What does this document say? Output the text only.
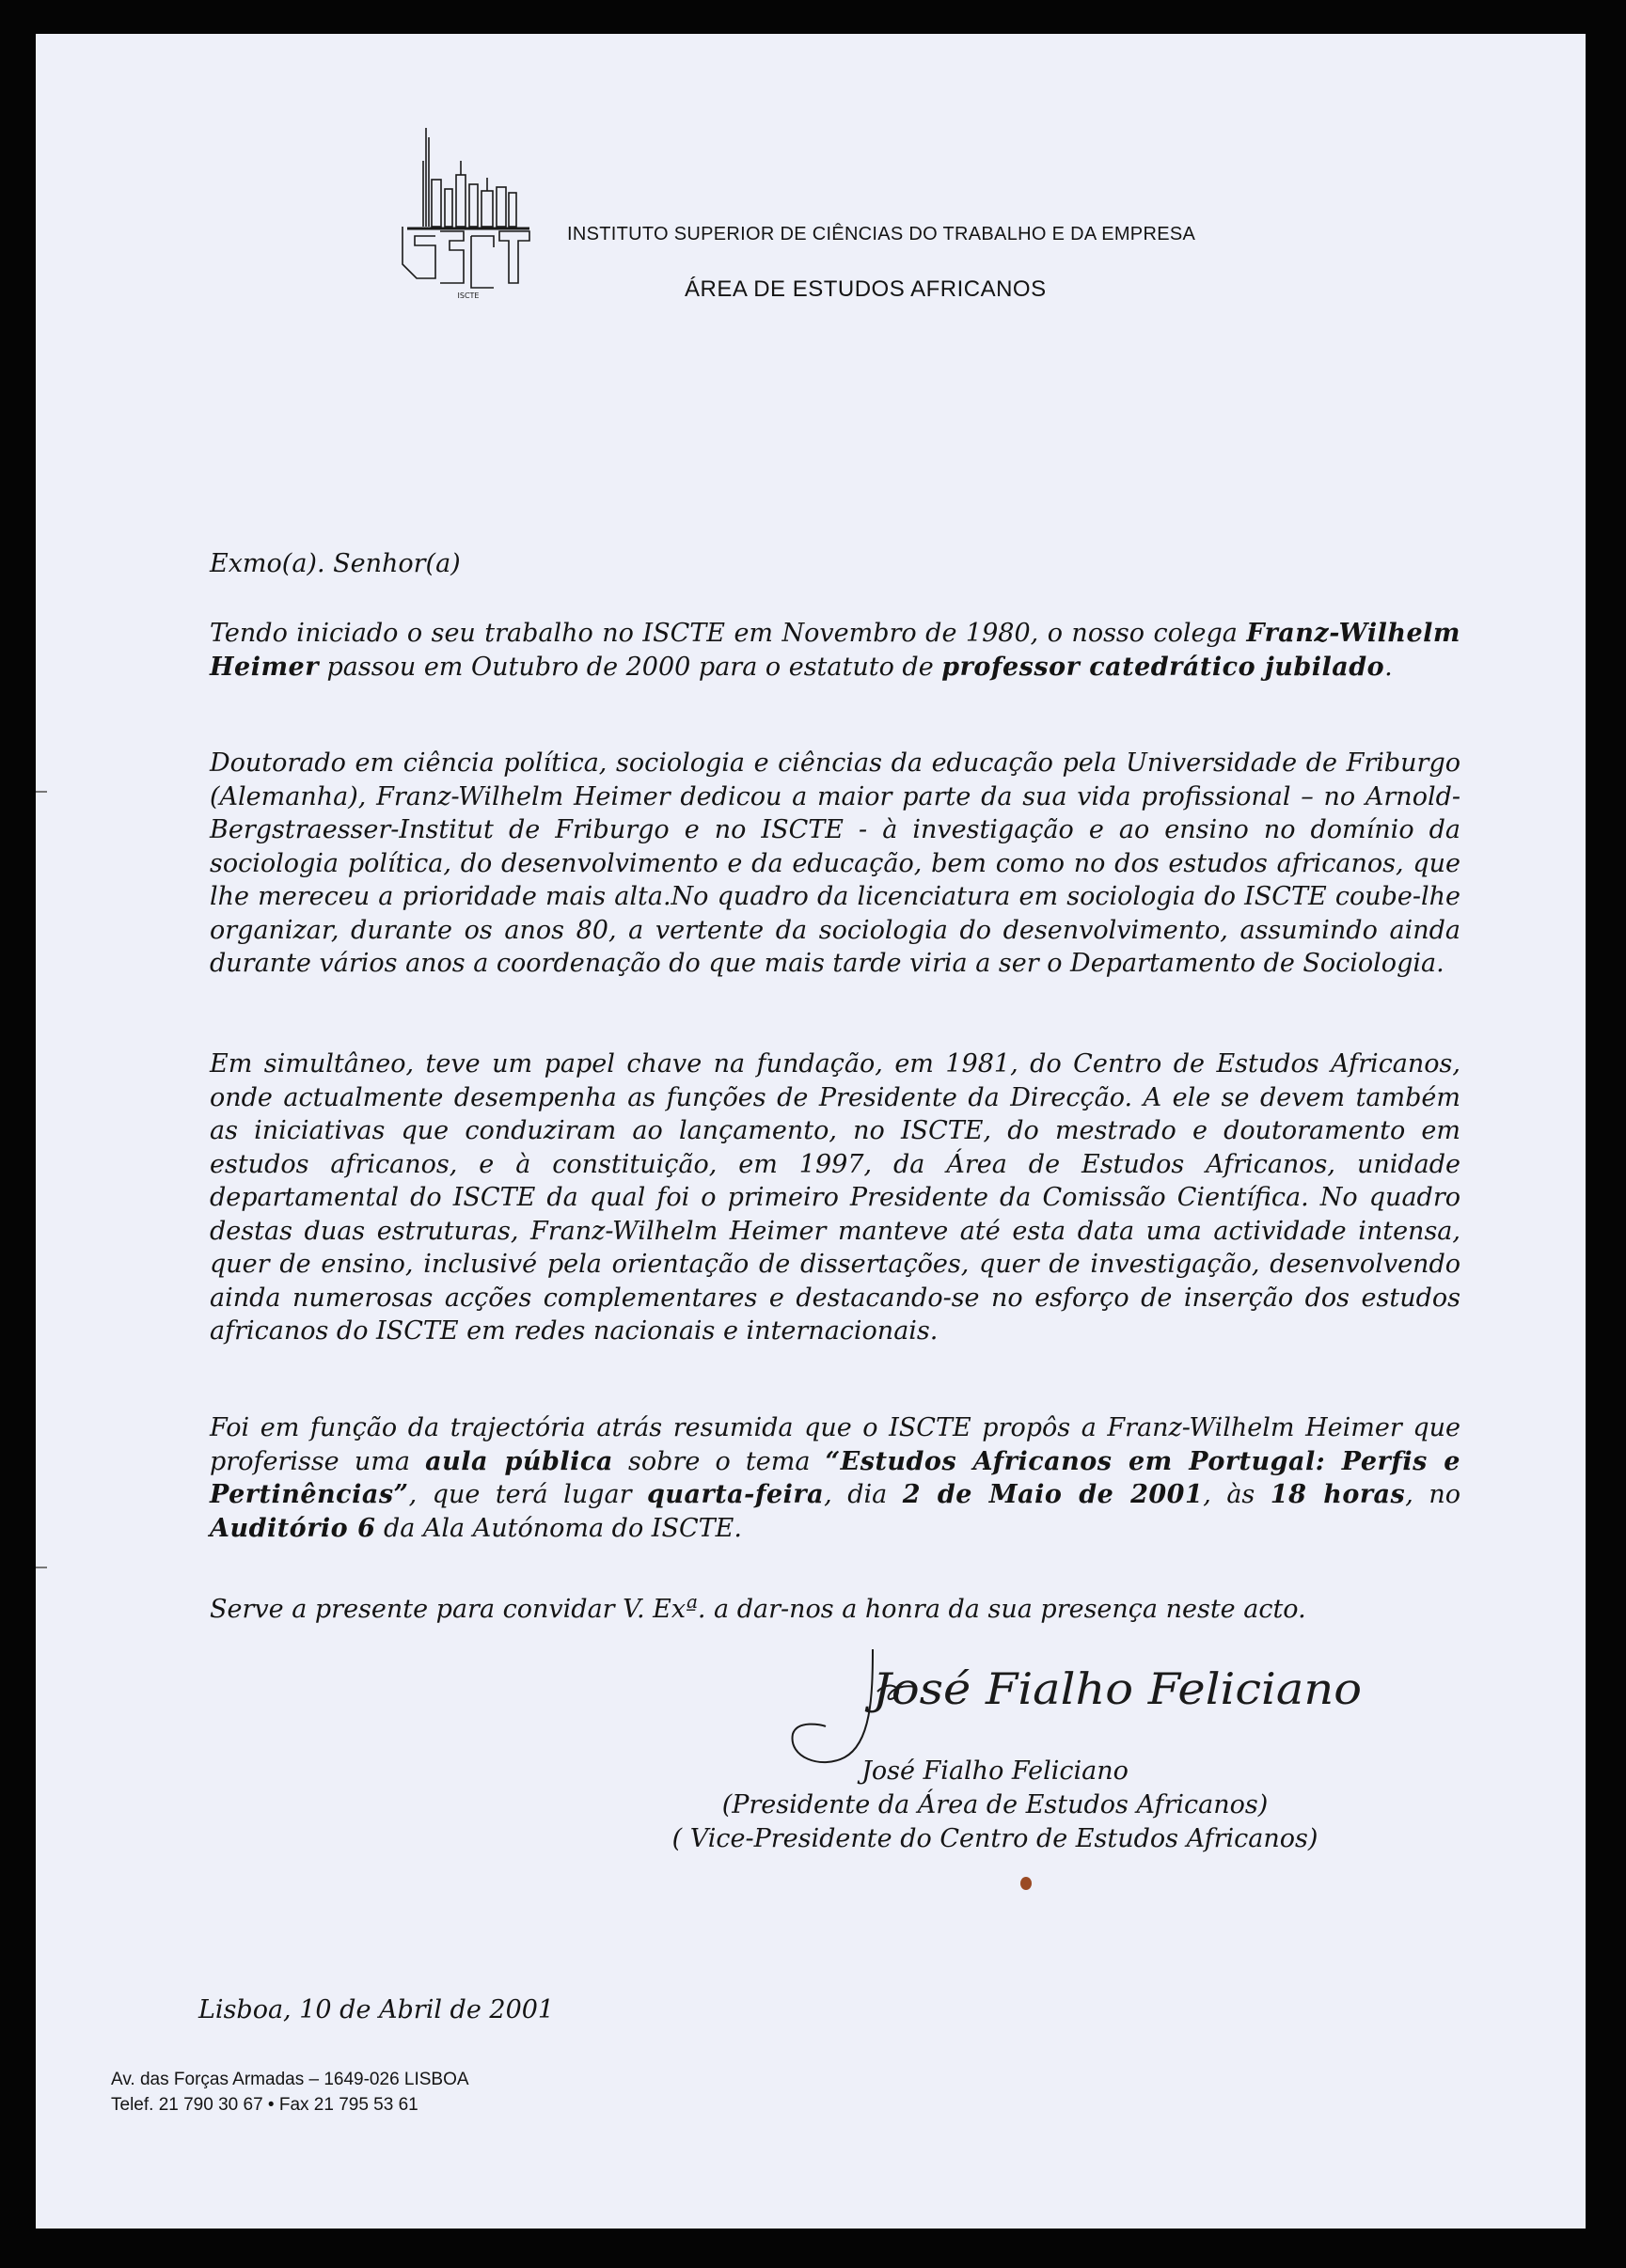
ISCTE
INSTITUTO SUPERIOR DE CIÊNCIAS DO TRABALHO E DA EMPRESA
ÁREA DE ESTUDOS AFRICANOS
Exmo(a). Senhor(a)
Tendo iniciado o seu trabalho no ISCTE em Novembro de 1980, o nosso colega Franz-Wilhelm Heimer passou em Outubro de 2000 para o estatuto de professor catedrático jubilado.
Doutorado em ciência política, sociologia e ciências da educação pela Universidade de Friburgo (Alemanha), Franz-Wilhelm Heimer dedicou a maior parte da sua vida profissional – no Arnold-Bergstraesser-Institut de Friburgo e no ISCTE - à investigação e ao ensino no domínio da sociologia política, do desenvolvimento e da educação, bem como no dos estudos africanos, que lhe mereceu a prioridade mais alta.No quadro da licenciatura em sociologia do ISCTE coube-lhe organizar, durante os anos 80, a vertente da sociologia do desenvolvimento, assumindo ainda durante vários anos a coordenação do que mais tarde viria a ser o Departamento de Sociologia.
Em simultâneo, teve um papel chave na fundação, em 1981, do Centro de Estudos Africanos, onde actualmente desempenha as funções de Presidente da Direcção. A ele se devem também as iniciativas que conduziram ao lançamento, no ISCTE, do mestrado e doutoramento em estudos africanos, e à constituição, em 1997, da Área de Estudos Africanos, unidade departamental do ISCTE da qual foi o primeiro Presidente da Comissão Científica. No quadro destas duas estruturas, Franz-Wilhelm Heimer manteve até esta data uma actividade intensa, quer de ensino, inclusivé pela orientação de dissertações, quer de investigação, desenvolvendo ainda numerosas acções complementares e destacando-se no esforço de inserção dos estudos africanos do ISCTE em redes nacionais e internacionais.
Foi em função da trajectória atrás resumida que o ISCTE propôs a Franz-Wilhelm Heimer que proferisse uma aula pública sobre o tema “Estudos Africanos em Portugal: Perfis e Pertinências”, que terá lugar quarta-feira, dia 2 de Maio de 2001, às 18 horas, no Auditório 6 da Ala Autónoma do ISCTE.
Serve a presente para convidar V. Exª. a dar-nos a honra da sua presença neste acto.
José Fialho Feliciano
José Fialho Feliciano
(Presidente da Área de Estudos Africanos)
( Vice-Presidente do Centro de Estudos Africanos)
Lisboa, 10 de Abril de 2001
Av. das Forças Armadas – 1649-026 LISBOA
Telef. 21 790 30 67 • Fax 21 795 53 61
